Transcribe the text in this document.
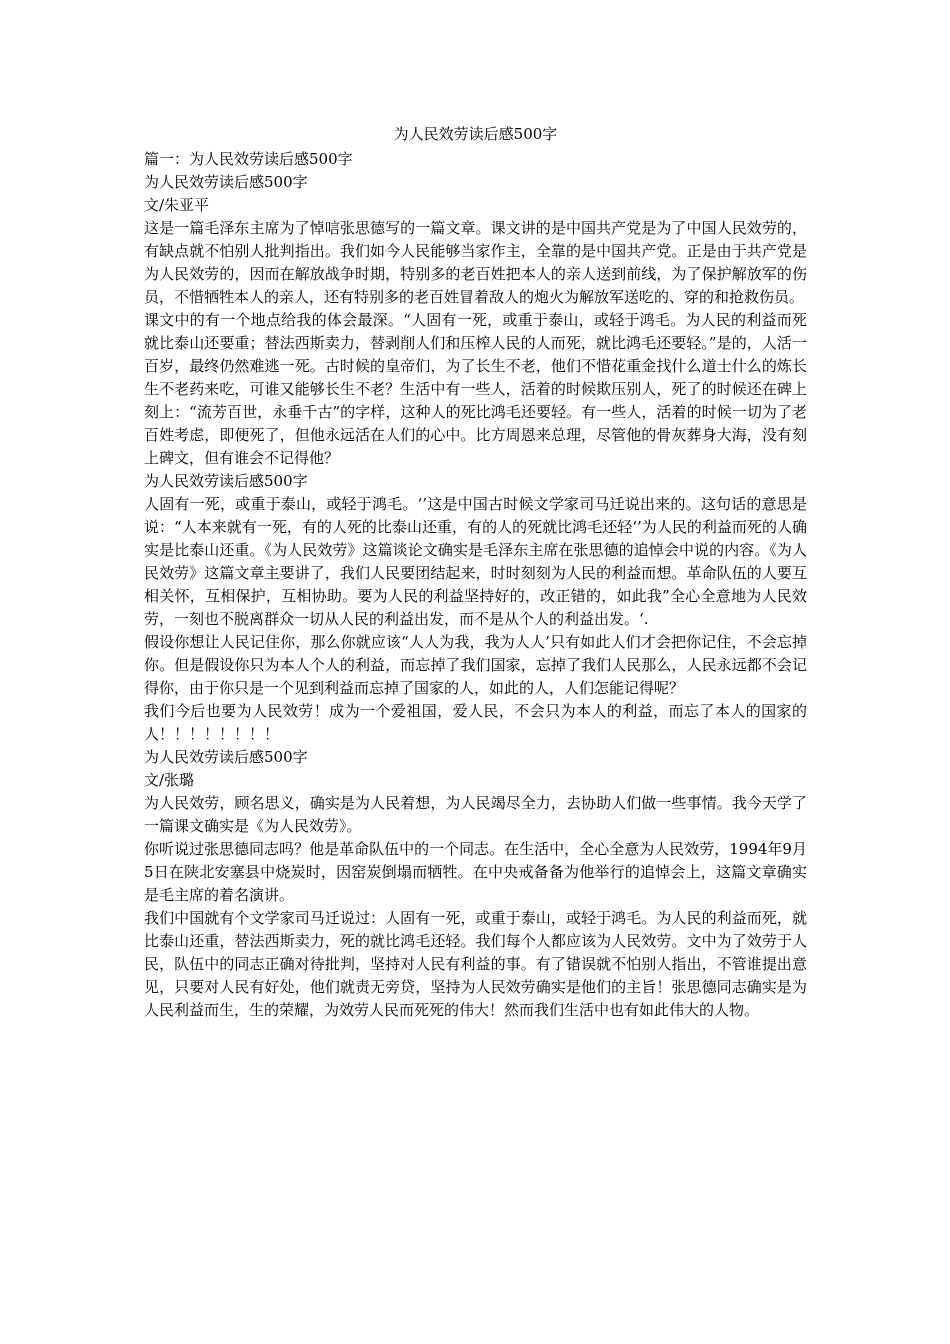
为人民效劳读后感500字

篇一：为人民效劳读后感500字

为人民效劳读后感500字

文/朱亚平

这是一篇毛泽东主席为了悼唁张思德写的一篇文章。课文讲的是中国共产党是为了中国人民效劳的，有缺点就不怕别人批判指出。我们如今人民能够当家作主，全靠的是中国共产党。正是由于共产党是为人民效劳的，因而在解放战争时期，特别多的老百姓把本人的亲人送到前线，为了保护解放军的伤员，不惜牺牲本人的亲人，还有特别多的老百姓冒着敌人的炮火为解放军送吃的、穿的和抢救伤员。

课文中的有一个地点给我的体会最深。“人固有一死，或重于泰山，或轻于鸿毛。为人民的利益而死就比泰山还要重；替法西斯卖力，替剥削人们和压榨人民的人而死，就比鸿毛还要轻。”是的，人活一百岁，最终仍然难逃一死。古时候的皇帝们，为了长生不老，他们不惜花重金找什么道士什么的炼长生不老药来吃，可谁又能够长生不老？生活中有一些人，活着的时候欺压别人，死了的时候还在碑上刻上：“流芳百世，永垂千古”的字样，这种人的死比鸿毛还要轻。有一些人，活着的时候一切为了老百姓考虑，即便死了，但他永远活在人们的心中。比方周恩来总理，尽管他的骨灰葬身大海，没有刻上碑文，但有谁会不记得他？

为人民效劳读后感500字

人固有一死，或重于泰山，或轻于鸿毛。‘’这是中国古时候文学家司马迁说出来的。这句话的意思是说：“人本来就有一死，有的人死的比泰山还重，有的人的死就比鸿毛还轻‘’为人民的利益而死的人确实是比泰山还重。《为人民效劳》这篇谈论文确实是毛泽东主席在张思德的追悼会中说的内容。《为人民效劳》这篇文章主要讲了，我们人民要团结起来，时时刻刻为人民的利益而想。革命队伍的人要互相关怀，互相保护，互相协助。要为人民的利益坚持好的，改正错的，如此我”全心全意地为人民效劳，一刻也不脱离群众一切从人民的利益出发，而不是从个人的利益出发。‘.

假设你想让人民记住你，那么你就应该“人人为我，我为人人’只有如此人们才会把你记住，不会忘掉你。但是假设你只为本人个人的利益，而忘掉了我们国家，忘掉了我们人民那么，人民永远都不会记得你，由于你只是一个见到利益而忘掉了国家的人，如此的人，人们怎能记得呢？

我们今后也要为人民效劳！成为一个爱祖国，爱人民，不会只为本人的利益，而忘了本人的国家的人！！！！！！！！

为人民效劳读后感500字

文/张璐

为人民效劳，顾名思义，确实是为人民着想，为人民竭尽全力，去协助人们做一些事情。我今天学了一篇课文确实是《为人民效劳》。

你听说过张思德同志吗？他是革命队伍中的一个同志。在生活中，全心全意为人民效劳，1994年9月5日在陕北安塞县中烧炭时，因窑炭倒塌而牺牲。在中央戒备备为他举行的追悼会上，这篇文章确实是毛主席的着名演讲。

我们中国就有个文学家司马迁说过：人固有一死，或重于泰山，或轻于鸿毛。为人民的利益而死，就比泰山还重，替法西斯卖力，死的就比鸿毛还轻。我们每个人都应该为人民效劳。文中为了效劳于人民，队伍中的同志正确对待批判，坚持对人民有利益的事。有了错误就不怕别人指出，不管谁提出意见，只要对人民有好处，他们就责无旁贷，坚持为人民效劳确实是他们的主旨！张思德同志确实是为人民利益而生，生的荣耀，为效劳人民而死死的伟大！然而我们生活中也有如此伟大的人物。
